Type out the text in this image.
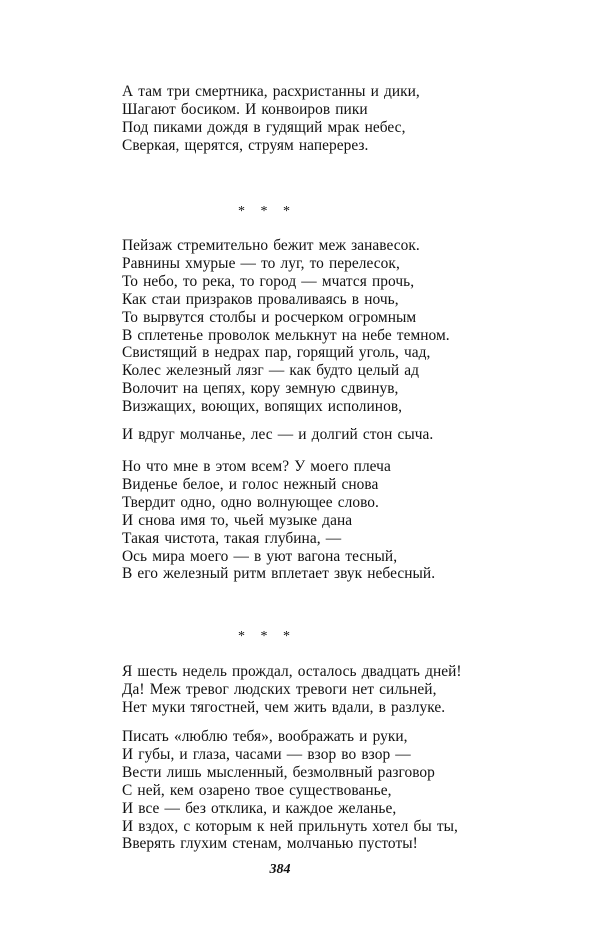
А там три смертника, расхристанны и дики,
Шагают босиком. И конвоиров пики
Под пиками дождя в гудящий мрак небес,
Сверкая, щерятся, струям наперерез.
* * *
Пейзаж стремительно бежит меж занавесок.
Равнины хмурые — то луг, то перелесок,
То небо, то река, то город — мчатся прочь,
Как стаи призраков проваливаясь в ночь,
То вырвутся столбы и росчерком огромным
В сплетенье проволок мелькнут на небе темном.
Свистящий в недрах пар, горящий уголь, чад,
Колес железный лязг — как будто целый ад
Волочит на цепях, кору земную сдвинув,
Визжащих, воющих, вопящих исполинов,
И вдруг молчанье, лес — и долгий стон сыча.
Но что мне в этом всем? У моего плеча
Виденье белое, и голос нежный снова
Твердит одно, одно волнующее слово.
И снова имя то, чьей музыке дана
Такая чистота, такая глубина, —
Ось мира моего — в уют вагона тесный,
В его железный ритм вплетает звук небесный.
* * *
Я шесть недель прождал, осталось двадцать дней!
Да! Меж тревог людских тревоги нет сильней,
Нет муки тягостней, чем жить вдали, в разлуке.
Писать «люблю тебя», воображать и руки,
И губы, и глаза, часами — взор во взор —
Вести лишь мысленный, безмолвный разговор
С ней, кем озарено твое существованье,
И все — без отклика, и каждое желанье,
И вздох, с которым к ней прильнуть хотел бы ты,
Вверять глухим стенам, молчанью пустоты!
384
